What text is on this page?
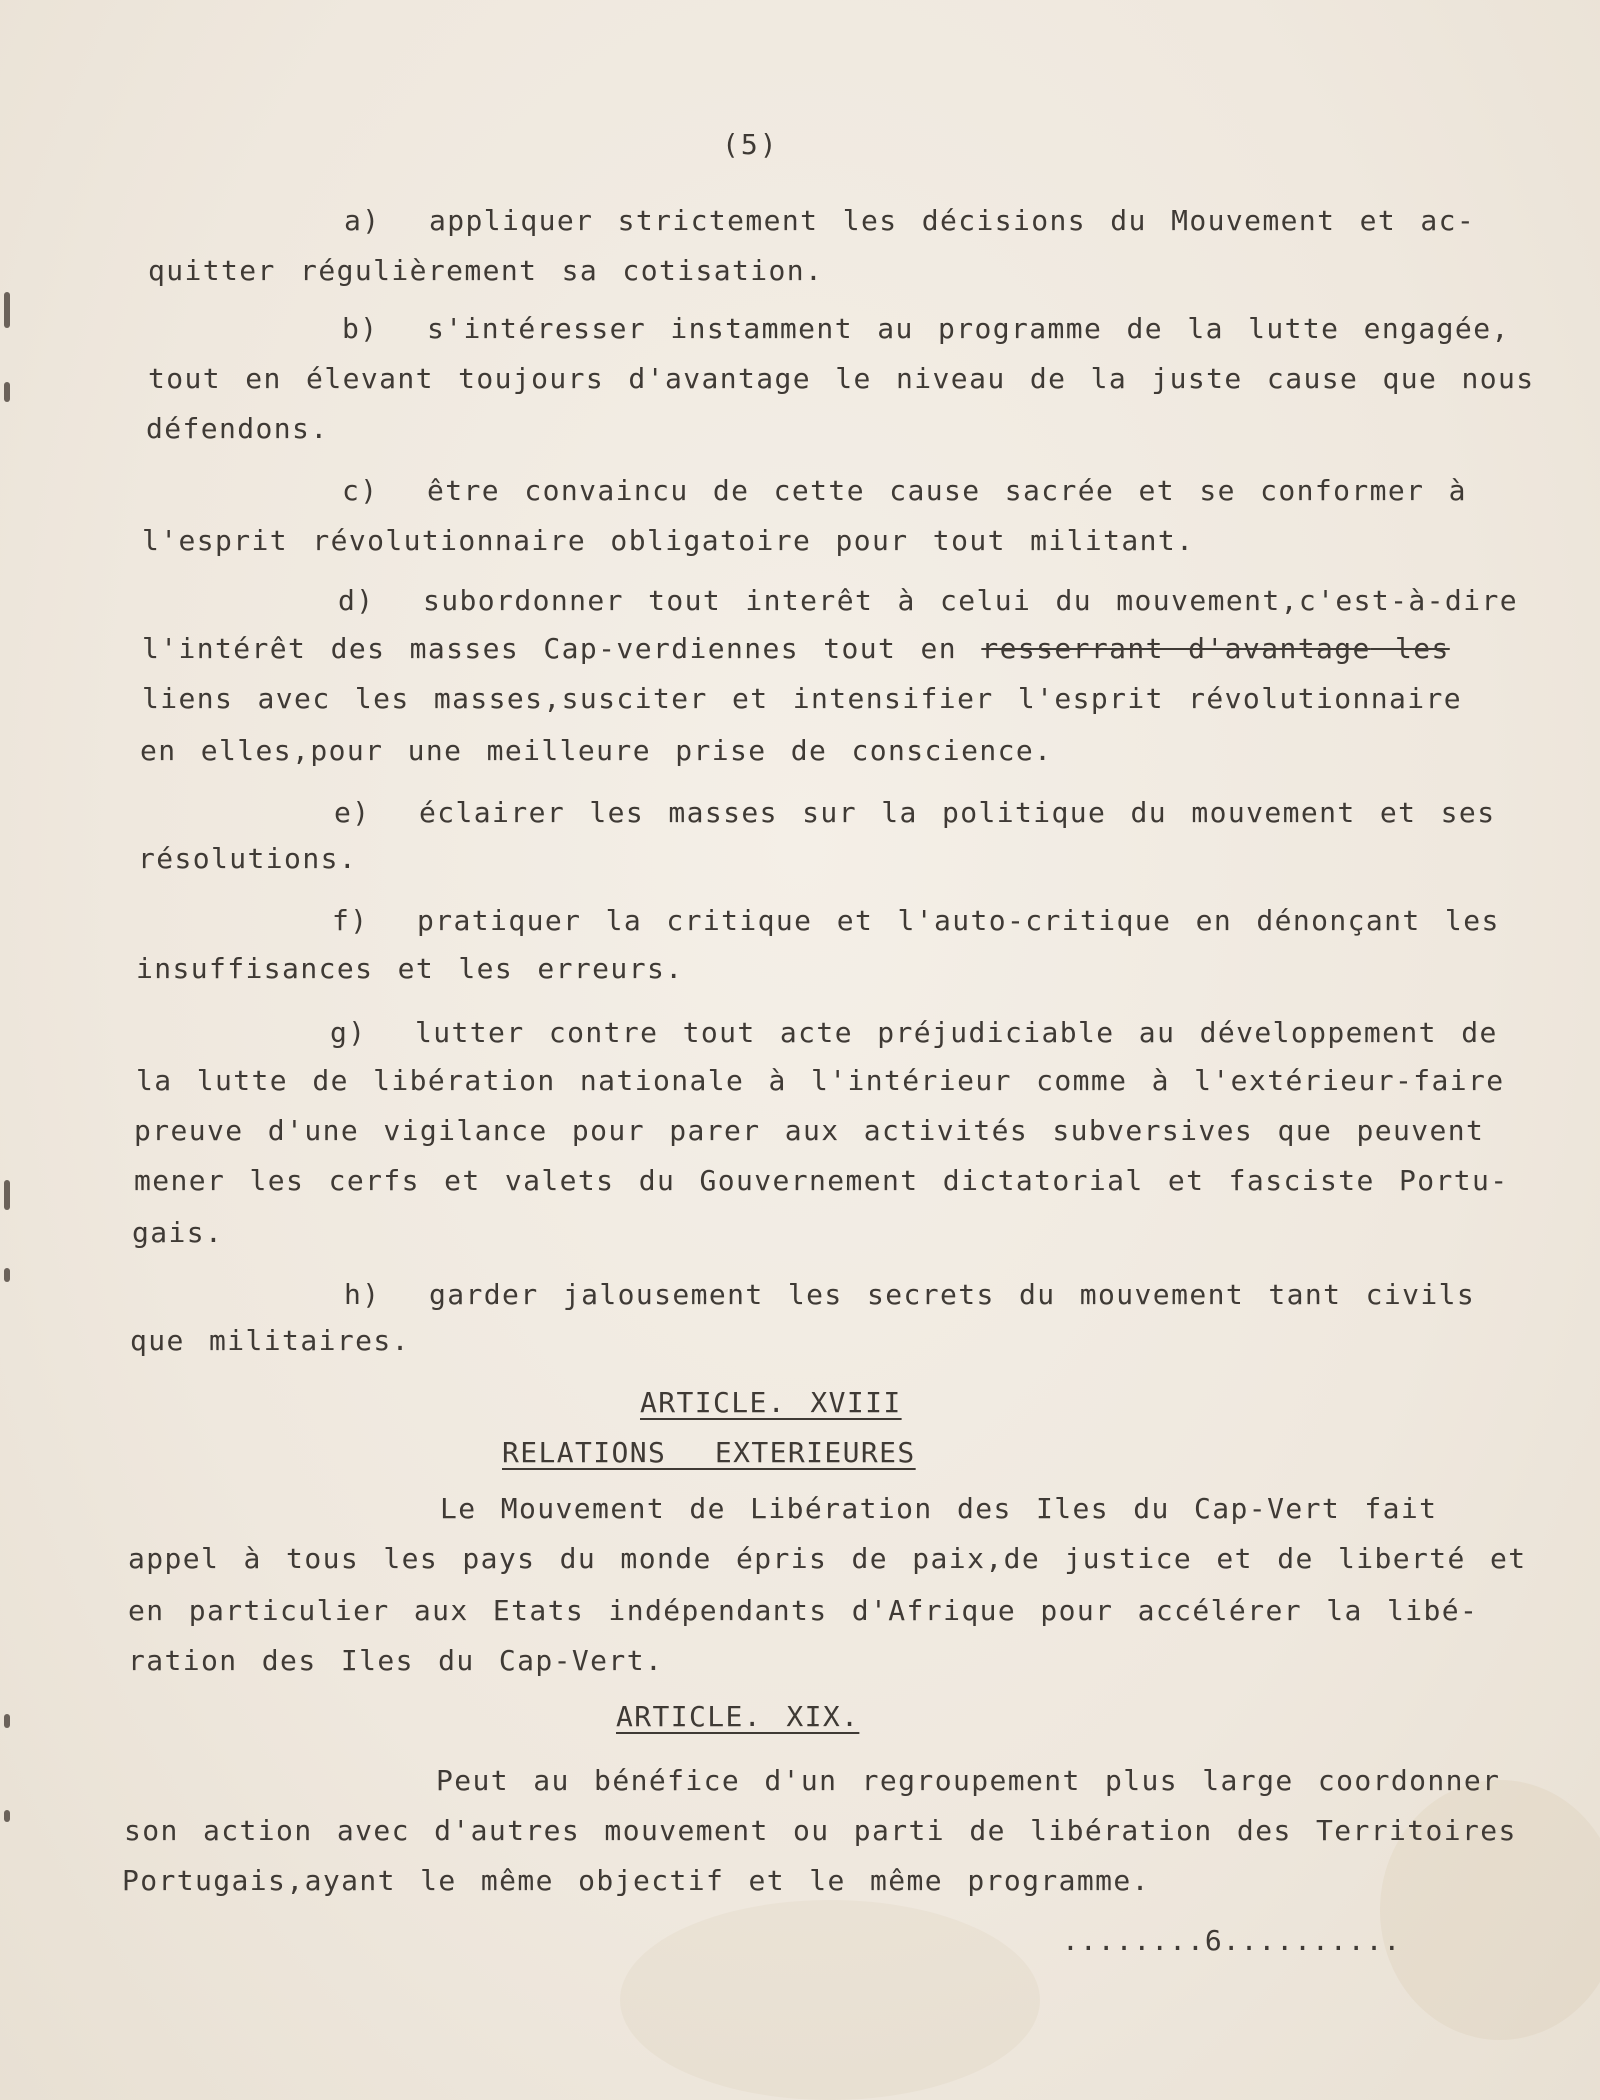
(5)
a)  appliquer strictement les décisions du Mouvement et ac-
quitter régulièrement sa cotisation.
b)  s'intéresser instamment au programme de la lutte engagée,
tout en élevant toujours d'avantage le niveau de la juste cause que nous
défendons.
c)  être convaincu de cette cause sacrée et se conformer à
l'esprit révolutionnaire obligatoire pour tout militant.
d)  subordonner tout interêt à celui du mouvement,c'est-à-dire
l'intérêt des masses Cap-verdiennes tout en resserrant d'avantage les
liens avec les masses,susciter et intensifier l'esprit révolutionnaire
en elles,pour une meilleure prise de conscience.
e)  éclairer les masses sur la politique du mouvement et ses
résolutions.
f)  pratiquer la critique et l'auto-critique en dénonçant les
insuffisances et les erreurs.
g)  lutter contre tout acte préjudiciable au développement de
la lutte de libération nationale à l'intérieur comme à l'extérieur-faire
preuve d'une vigilance pour parer aux activités subversives que peuvent
mener les cerfs et valets du Gouvernement dictatorial et fasciste Portu-
gais.
h)  garder jalousement les secrets du mouvement tant civils
que militaires.
ARTICLE. XVIII
RELATIONS  EXTERIEURES
Le Mouvement de Libération des Iles du Cap-Vert fait
appel à tous les pays du monde épris de paix,de justice et de liberté et
en particulier aux Etats indépendants d'Afrique pour accélérer la libé-
ration des Iles du Cap-Vert.
ARTICLE. XIX.
Peut au bénéfice d'un regroupement plus large coordonner
son action avec d'autres mouvement ou parti de libération des Territoires
Portugais,ayant le même objectif et le même programme.
........6..........
